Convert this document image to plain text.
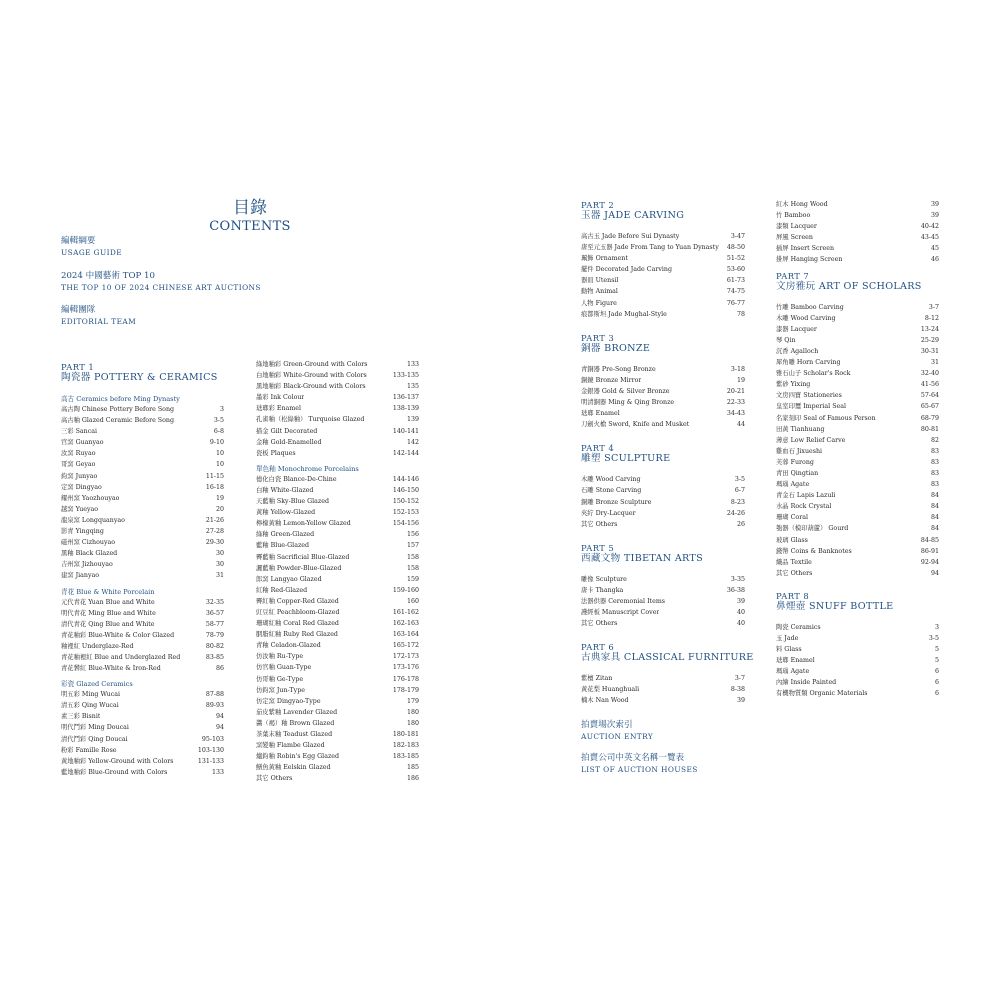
目錄
CONTENTS
編輯綱要
USAGE GUIDE
2024 中國藝術 TOP 10
THE TOP 10 OF 2024 CHINESE ART AUCTIONS
編輯團隊
EDITORIAL TEAM
PART 1
陶瓷器 POTTERY & CERAMICS
高古 Ceramics before Ming Dynasty
高古陶 Chinese Pottery Before Song	3
高古釉 Glazed Ceramic Before Song	3-5
三彩 Sancai	6-8
官窯 Guanyao	9-10
汝窯 Ruyao	10
哥窯 Geyao	10
鈞窯 Junyao	11-15
定窯 Dingyao	16-18
耀州窯 Yaozhouyao	19
越窯 Yueyao	20
龍泉窯 Longquanyao	21-26
影青 Yingqing	27-28
磁州窯 Cizhouyao	29-30
黑釉 Black Glazed	30
吉州窯 Jizhouyao	30
建窯 Jianyao	31
青花 Blue & White Porcelain
元代青花 Yuan Blue and White	32-35
明代青花 Ming Blue and White	36-57
清代青花 Qing Blue and White	58-77
青花釉彩 Blue-White & Color Glazed	78-79
釉裡紅 Underglaze-Red	80-82
青花釉裡紅 Blue and Underglazed Red	83-85
青花礬紅 Blue-White & Iron-Red	86
彩瓷 Glazed Ceramics
明五彩 Ming Wucai	87-88
清五彩 Qing Wucai	89-93
素三彩 Bisnit	94
明代鬥彩 Ming Doucai	94
清代鬥彩 Qing Doucai	95-103
粉彩 Famille Rose	103-130
黃地釉彩 Yellow-Ground with Colors	131-133
藍地釉彩 Blue-Ground with Colors	133
綠地釉彩 Green-Ground with Colors	133
白地釉彩 White-Ground with Colors	133-135
黑地釉彩 Black-Ground with Colors	135
墨彩 Ink Colour	136-137
琺瑯彩 Enamel	138-139
孔雀釉（松綠釉） Turquoise Glazed	139
描金 Gilt Decorated	140-141
金釉 Gold-Enamelled	142
瓷板 Plaques	142-144
單色釉 Monochrome Porcelains
德化白瓷 Blance-De-Chine	144-146
白釉 White-Glazed	146-150
天藍釉 Sky-Blue Glazed	150-152
黃釉 Yellow-Glazed	152-153
檸檬黃釉 Lemon-Yellow Glazed	154-156
綠釉 Green-Glazed	156
藍釉 Blue-Glazed	157
霽藍釉 Sacrificial Blue-Glazed	158
灑藍釉 Powder-Blue-Glazed	158
郎窯 Langyao Glazed	159
紅釉 Red-Glazed	159-160
霽紅釉 Copper-Red Glazed	160
豇豆紅 Peachbloom-Glazed	161-162
珊瑚紅釉 Coral Red Glazed	162-163
胭脂紅釉 Ruby Red Glazed	163-164
青釉 Celadon-Glazed	165-172
仿汝釉 Ru-Type	172-173
仿官釉 Guan-Type	173-176
仿哥釉 Ge-Type	176-178
仿鈞窯 Jun-Type	178-179
仿定窯 Dingyao-Type	179
茄皮紫釉 Lavender Glazed	180
醬（褐）釉 Brown Glazed	180
茶葉末釉 Teadust Glazed	180-181
窯變釉 Flambe Glazed	182-183
爐鈞釉 Robin's Egg Glazed	183-185
鱔魚黃釉 Eelskin Glazed	185
其它 Others	186
PART 2
玉器 JADE CARVING
高古玉 Jade Before Sui Dynasty	3-47
唐至元玉器 Jade From Tang to Yuan Dynasty	48-50
珮飾 Ornament	51-52
擺件 Decorated Jade Carving	53-60
器皿 Utensil	61-73
動物 Animal	74-75
人物 Figure	76-77
痕都斯坦 Jade Mughal-Style	78
PART 3
銅器 BRONZE
青銅器 Pre-Song Bronze	3-18
銅鏡 Bronze Mirror	19
金銀器 Gold & Silver Bronze	20-21
明清銅器 Ming & Qing Bronze	22-33
琺瑯 Enamel	34-43
刀劍火槍 Sword, Knife and Musket	44
PART 4
雕塑 SCULPTURE
木雕 Wood Carving	3-5
石雕 Stone Carving	6-7
銅雕 Bronze Sculpture	8-23
夾紵 Dry-Lacquer	24-26
其它 Others	26
PART 5
西藏文物 TIBETAN ARTS
雕像 Sculpture	3-35
唐卡 Thangka	36-38
法器供器 Ceremonial Items	39
護經板 Manuscript Cover	40
其它 Others	40
PART 6
古典家具 CLASSICAL FURNITURE
紫檀 Zitan	3-7
黃花梨 Huanghuali	8-38
楠木 Nan Wood	39
拍賣場次索引
AUCTION ENTRY
拍賣公司中英文名稱一覽表
LIST OF AUCTION HOUSES
紅木 Hong Wood	39
竹 Bamboo	39
漆類 Lacquer	40-42
屏風 Screen	43-45
插屏 Insert Screen	45
掛屏 Hanging Screen	46
PART 7
文房雅玩 ART OF SCHOLARS
竹雕 Bamboo Carving	3-7
木雕 Wood Carving	8-12
漆器 Lacquer	13-24
琴 Qin	25-29
沉香 Agalloch	30-31
犀角雕 Horn Carving	31
雅石山子 Scholar's Rock	32-40
紫砂 Yixing	41-56
文房四寶 Stationeries	57-64
皇室印璽 Imperial Seal	65-67
名家刻印 Seal of Famous Person	68-79
田黃 Tianhuang	80-81
薄意 Low Relief Carve	82
雞血石 Jixueshi	83
芙蓉 Furong	83
青田 Qingtian	83
瑪瑙 Agate	83
青金石 Lapis Lazuli	84
水晶 Rock Crystal	84
珊瑚 Coral	84
匏器（模印葫蘆） Gourd	84
玻璃 Glass	84-85
錢幣 Coins & Banknotes	86-91
織品 Textile	92-94
其它 Others	94
PART 8
鼻煙壺 SNUFF BOTTLE
陶瓷 Ceramics	3
玉 Jade	3-5
料 Glass	5
琺瑯 Enamel	5
瑪瑙 Agate	6
內繪 Inside Painted	6
有機物質類 Organic Materials	6
